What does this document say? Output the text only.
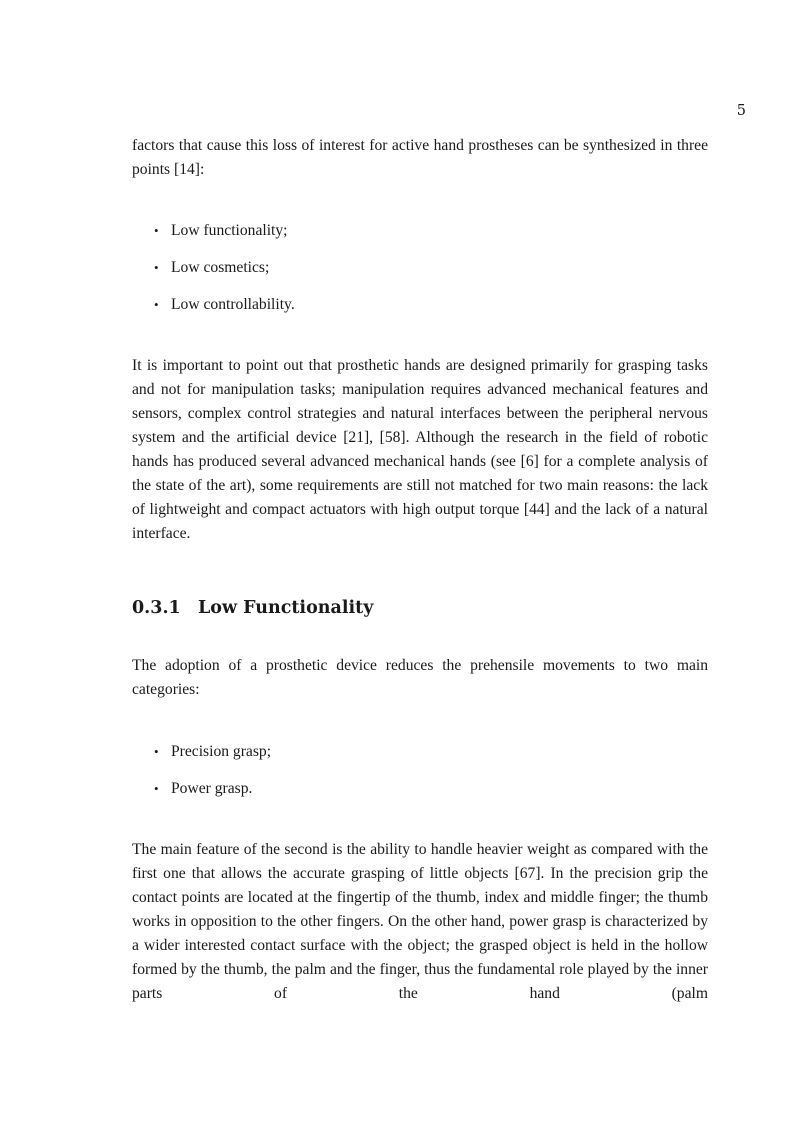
5

factors that cause this loss of interest for active hand prostheses can be synthesized in three points [14]:

• Low functionality;
• Low cosmetics;
• Low controllability.

It is important to point out that prosthetic hands are designed primarily for grasping tasks and not for manipulation tasks; manipulation requires advanced mechanical features and sensors, complex control strategies and natural interfaces between the peripheral nervous system and the artificial device [21], [58]. Although the research in the field of robotic hands has produced several advanced mechanical hands (see [6] for a complete analysis of the state of the art), some requirements are still not matched for two main reasons: the lack of lightweight and compact actuators with high output torque [44] and the lack of a natural interface.

0.3.1 Low Functionality

The adoption of a prosthetic device reduces the prehensile movements to two main categories:

• Precision grasp;
• Power grasp.

The main feature of the second is the ability to handle heavier weight as compared with the first one that allows the accurate grasping of little objects [67]. In the precision grip the contact points are located at the fingertip of the thumb, index and middle finger; the thumb works in opposition to the other fingers. On the other hand, power grasp is characterized by a wider interested contact surface with the object; the grasped object is held in the hollow formed by the thumb, the palm and the finger, thus the fundamental role played by the inner parts of the hand (palm
